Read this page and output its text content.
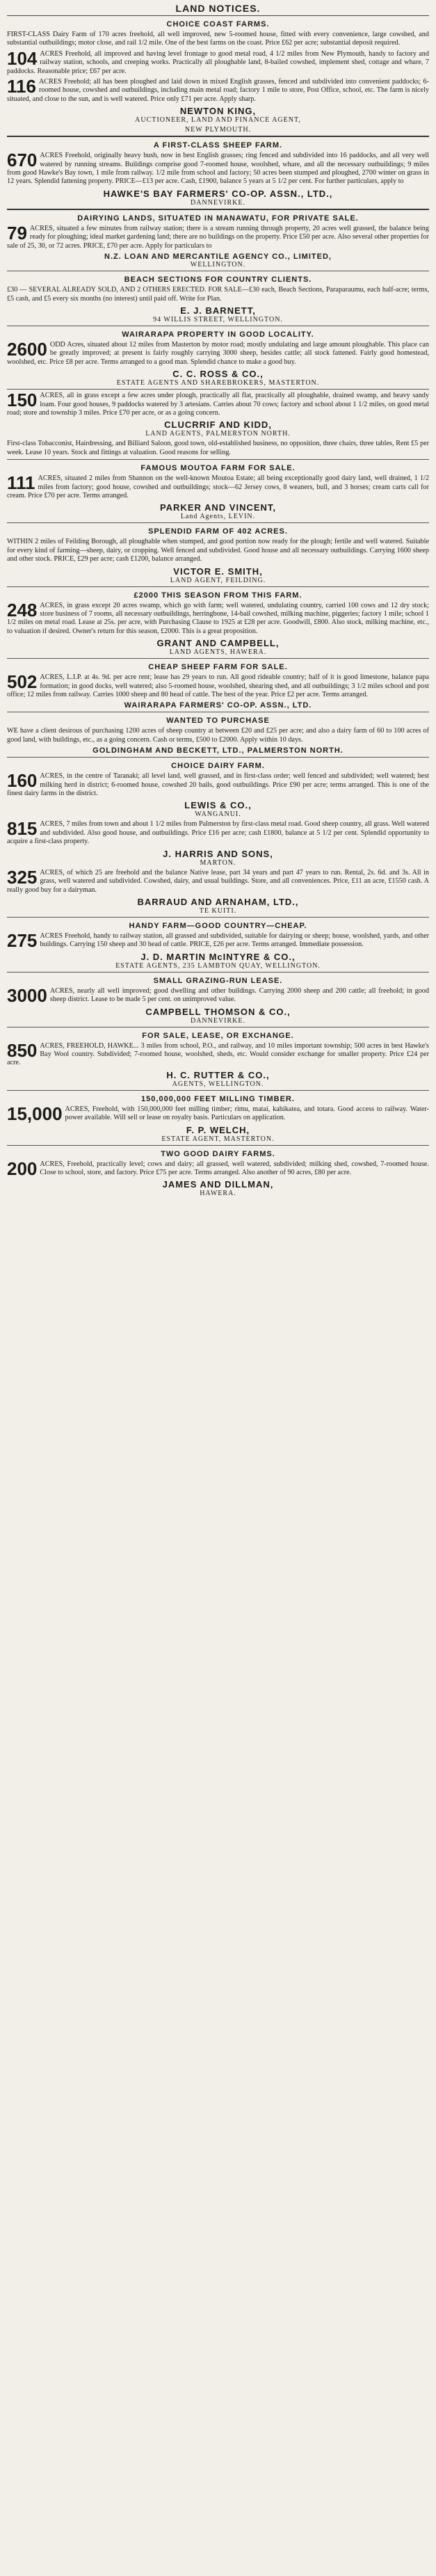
LAND NOTICES.
CHOICE COAST FARMS.
FIRST-CLASS Dairy Farm of 170 acres freehold, all well improved, new 5-roomed house, fitted with every convenience, large cowshed, and substantial outbuildings; motor close, and rail 1/2 mile. One of the best farms on the coast. Price £62 per acre; substantial deposit required.
104 ACRES Freehold, all improved and having level frontage to good metal road, 4 1/2 miles from New Plymouth, handy to factory and railway station, schools, and creeping works. Practically all ploughable land, 8-bailed cowshed, implement shed, cottage and whare, 7 paddocks. Reasonable price; £67 per acre.
116 ACRES Freehold; all has been ploughed and laid down in mixed English grasses, fenced and subdivided into convenient paddocks; 6-roomed house, cowshed and outbuildings, including main metal road; factory 1 mile to store, Post Office, school, etc. The farm is nicely situated, and close to the sun, and is well watered. Price only £71 per acre. Apply sharp.
NEWTON KING,
AUCTIONEER, LAND AND FINANCE AGENT,
NEW PLYMOUTH.
A FIRST-CLASS SHEEP FARM.
670 ACRES Freehold, originally heavy bush, now in best English grasses; ring fenced and subdivided into 16 paddocks, and all very well watered by running streams. Buildings comprise good 7-roomed house, woolshed, whare, and all the necessary outbuildings; 9 miles from good Hawke's Bay town, 1 mile from railway. 1/2 mile from school and factory; 50 acres been stumped and ploughed, 2700 winter on grass in 12 years. Splendid fattening property. PRICE—£13 per acre. Cash, £1900, balance 5 years at 5 1/2 per cent. For further particulars, apply to
HAWKE'S BAY FARMERS' CO-OP. ASSN., LTD.,
DANNEVIRKE.
DAIRYING LANDS, SITUATED IN MANAWATU, FOR PRIVATE SALE.
79 ACRES, situated a few minutes from railway station; there is a stream running through property, 20 acres well grassed, the balance being ready for ploughing; ideal market gardening land; there are no buildings on the property. Price £50 per acre. Also several other properties for sale of 25, 30, or 72 acres. PRICE, £70 per acre. Apply for particulars to
N.Z. LOAN AND MERCANTILE AGENCY CO., LIMITED,
WELLINGTON.
BEACH SECTIONS FOR COUNTRY CLIENTS.
£30 — SEVERAL ALREADY SOLD, AND 2 OTHERS ERECTED. FOR SALE—£30 each, Beach Sections, Paraparaumu, each half-acre; terms, £5 cash, and £5 every six months (no interest) until paid off. Write for Plan.
E. J. BARNETT,
94 WILLIS STREET, WELLINGTON.
WAIRARAPA PROPERTY IN GOOD LOCALITY.
2600 ODD Acres, situated about 12 miles from Masterton by motor road; mostly undulating and large amount ploughable. This place can be greatly improved; at present is fairly roughly carrying 3000 sheep, besides cattle; all stock fattened. Fairly good homestead, woolshed, etc. Price £8 per acre. Terms arranged to a good man. Splendid chance to make a good buy.
C. C. ROSS & CO.,
ESTATE AGENTS AND SHAREBROKERS, MASTERTON.
150 ACRES, all in grass except a few acres under plough, practically all flat, practically all ploughable, drained swamp, and heavy sandy loam. Four good houses, 9 paddocks watered by 3 artesians. Carries about 70 cows; factory and school about 1 1/2 miles, on good metal road; store and township 3 miles. Price £70 per acre, or as a going concern.
CLUCRRIF AND KIDD,
LAND AGENTS, PALMERSTON NORTH.
First-class Tobacconist, Hairdressing, and Billiard Saloon, good town, old-established business, no opposition, three chairs, three tables, Rent £5 per week. Lease 10 years. Stock and fittings at valuation. Good reasons for selling.
FAMOUS MOUTOA FARM FOR SALE.
111 ACRES, situated 2 miles from Shannon on the well-known Moutoa Estate; all being exceptionally good dairy land, well drained, 1 1/2 miles from factory; good house, cowshed and outbuildings; stock—62 Jersey cows, 8 weaners, bull, and 3 horses; cream carts call for cream. Price £70 per acre. Terms arranged.
PARKER AND VINCENT,
Land Agents, LEVIN.
SPLENDID FARM OF 402 ACRES.
WITHIN 2 miles of Feilding Borough, all ploughable when stumped, and good portion now ready for the plough; fertile and well watered. Suitable for every kind of farming—sheep, dairy, or cropping. Well fenced and subdivided. Good house and all necessary outbuildings. Carrying 1600 sheep and other stock. PRICE, £29 per acre; cash £1200, balance arranged.
VICTOR E. SMITH,
LAND AGENT, FEILDING.
£2000 THIS SEASON FROM THIS FARM.
248 ACRES, in grass except 20 acres swamp, which go with farm; well watered, undulating country, carried 100 cows and 12 dry stock; store business of 7 rooms, all necessary outbuildings, herringbone, 14-bail cowshed, milking machine, piggeries; factory 1 mile; school 1 1/2 miles on metal road. Lease at 25s. per acre, with Purchasing Clause to 1925 at £28 per acre. Goodwill, £800. Also stock, milking machine, etc., to valuation if desired. Owner's return for this season, £2000. This is a great proposition.
GRANT AND CAMPBELL,
LAND AGENTS, HAWERA.
CHEAP SHEEP FARM FOR SALE.
502 ACRES, L.I.P. at 4s. 9d. per acre rent; lease has 29 years to run. All good rideable country; half of it is good limestone, balance papa formation; in good docks, well watered; also 5-roomed house, woolshed, shearing shed, and all outbuildings; 3 1/2 miles school and post office; 12 miles from railway. Carries 1000 sheep and 80 head of cattle. The best of the year. Price £2 per acre. Terms arranged.
WAIRARAPA FARMERS' CO-OP. ASSN., LTD.
WANTED TO PURCHASE
WE have a client desirous of purchasing 1200 acres of sheep country at between £20 and £25 per acre; and also a dairy farm of 60 to 100 acres of good land, with buildings, etc., as a going concern. Cash or terms, £500 to £2000. Apply within 10 days.
GOLDINGHAM AND BECKETT, LTD., PALMERSTON NORTH.
CHOICE DAIRY FARM.
160 ACRES, in the centre of Taranaki; all level land, well grassed, and in first-class order; well fenced and subdivided; well watered; best milking herd in district; 6-roomed house, cowshed 20 bails, good outbuildings. Price £90 per acre; terms arranged. This is one of the finest dairy farms in the district.
LEWIS & CO.,
WANGANUI.
815 ACRES, 7 miles from town and about 1 1/2 miles from Palmerston by first-class metal road. Good sheep country, all grass. Well watered and subdivided. Also good house, and outbuildings. Price £16 per acre; cash £1800, balance at 5 1/2 per cent. Splendid opportunity to acquire a first-class property.
J. HARRIS AND SONS,
MARTON.
325 ACRES, of which 25 are freehold and the balance Native lease, part 34 years and part 47 years to run. Rental, 2s. 6d. and 3s. All in grass, well watered and subdivided. Cowshed, dairy, and usual buildings. Store, and all conveniences. Price, £11 an acre, £1550 cash. A really good buy for a dairyman.
BARRAUD AND ARNAHAM, LTD.,
TE KUITI.
HANDY FARM—GOOD COUNTRY—CHEAP.
275 ACRES Freehold, handy to railway station, all grassed and subdivided, suitable for dairying or sheep; house, woolshed, yards, and other buildings. Carrying 150 sheep and 30 head of cattle. PRICE, £26 per acre. Terms arranged. Immediate possession.
J. D. MARTIN McINTYRE & CO.,
ESTATE AGENTS, 235 LAMBTON QUAY, WELLINGTON.
SMALL GRAZING-RUN LEASE.
3000 ACRES, nearly all well improved; good dwelling and other buildings. Carrying 2000 sheep and 200 cattle; all freehold; in good sheep district. Lease to be made 5 per cent. on unimproved value.
CAMPBELL THOMSON & CO.,
DANNEVIRKE.
FOR SALE, LEASE, OR EXCHANGE.
850 ACRES, FREEHOLD, HAWKE... 3 miles from school, P.O., and railway, and 10 miles important township; 500 acres in best Hawke's Bay Wool country. Subdivided; 7-roomed house, woolshed, sheds, etc. Would consider exchange for smaller property. Price £24 per acre.
H. C. RUTTER & CO.,
AGENTS, WELLINGTON.
150,000,000 FEET MILLING TIMBER.
15,000 ACRES, Freehold, with 150,000,000 feet milling timber; rimu, matai, kahikatea, and totara. Good access to railway. Water-power available. Will sell or lease on royalty basis. Particulars on application.
F. P. WELCH,
ESTATE AGENT, MASTERTON.
TWO GOOD DAIRY FARMS.
200 ACRES, Freehold, practically level; cows and dairy; all grassed, well watered, subdivided; milking shed, cowshed, 7-roomed house. Close to school, store, and factory. Price £75 per acre. Terms arranged. Also another of 90 acres, £80 per acre.
JAMES AND DILLMAN,
HAWERA.
